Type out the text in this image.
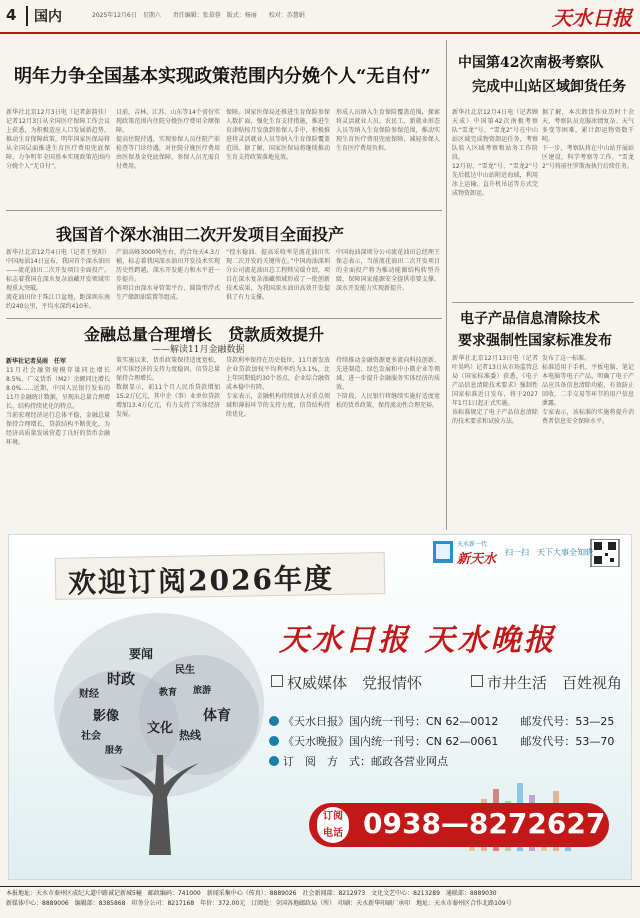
4	国内	2025年12月6日　星期六　　责任编辑：张慕蓉　版式：杨丽　　校对：苏慧娟	天水日报
明年力争全国基本实现政策范围内分娩个人“无自付”
新华社北京12月3日电（记者彭韵佳）记者12月3日从全国医疗保障工作会议上获悉，为积极适应人口发展新趋势，推动生育保障政策，明年国家医保局将从全国层面推进生育医疗费用兜底保障，力争明年全国基本实现政策范围内分娩个人“无自付”。
目前，吉林、江苏、山东等14个省份实现政策范围内住院分娩医疗费用全额保障。
提高住院待遇，实现参保人员住院产前检查等门诊待遇，对住院分娩医疗费用由医保基金兜底保障，参保人员无需自付费用。
保障。国家医保局还推进生育保险参保人数扩面，强化生育支持措施，推进生育津贴按月发放到参保人手中，积极推进将灵活就业人员等纳入生育保险覆盖范围。据了解，国家医保局将继续推动生育支持政策落地见效。
形成人员纳入生育保险覆盖范围，探索将灵活就业人员、农民工、新就业形态人员等纳入生育保险参保范围，推动实现生育医疗费用兜底保障，减轻参保人生育医疗费用负担。
我国首个深水油田二次开发项目全面投产
新华社北京12月4日电（记者王悦阳）中国海油14日宣布，我国首个深水油田——流花油田二次开发项目全面投产。标志着我国在深水复杂油藏开发领域实现重大突破。
流花油田位于珠江口盆地，距深圳东南约240公里，平均水深约410米。
产油高峰3000吨左右，约合每天4.3万桶，标志着我国深水油田开发技术实现历史性跨越，深水开发能力和水平进一步提升。
该项目由深水导管架平台、圆筒型浮式生产储卸油装置等组成。
“控水稳油、提高采收率是流花油田实现二次开发的关键所在。”中国海油深圳分公司流花油田总工程师吴瑞介绍，项目在深水复杂油藏领域形成了一批创新技术成果，为我国深水油田高效开发提供了有力支撑。
中国海油深圳分公司流花油田总经理王保志表示，当前流花油田二次开发项目的全面投产将为推动能源结构转型升级、保障国家能源安全提供重要支撑，深水开发能力实现新提升。
金融总量合理增长　贷款质效提升
——解读11月金融数据
新华社记者吴雨　任军
11月社会融资规模存量同比增长8.5%、广义货币（M2）余额同比增长8.0%……近期，中国人民银行发布的11月金融统计数据，呈现出总量合理增长、结构持续优化的特点。
当前宏观经济运行总体平稳，金融总量保持合理增长，贷款结构不断优化，为经济高质量发展营造了良好的货币金融环境。
策实施以来，货币政策保持适度宽松，对实体经济的支持力度稳固，信贷总量保持合理增长。
数据显示，前11个月人民币贷款增加15.2万亿元，其中企（事）业单位贷款增加13.4万亿元，有力支持了实体经济发展。
贷款利率保持在历史低位，11月新发放企业贷款加权平均利率约为3.1%，比上年同期低约30个基点，企业综合融资成本稳中有降。
专家表示，金融机构持续加大对重点领域和薄弱环节的支持力度，信贷结构持续优化。
持续推动金融资源更多流向科技创新、先进制造、绿色发展和中小微企业等领域，进一步提升金融服务实体经济的质效。
下阶段，人民银行将继续实施好适度宽松的货币政策，保持流动性合理充裕。
中国第42次南极考察队
完成中山站区域卸货任务
新华社北京12月4日电（记者顾天成）中国第42次南极考察队“雪龙”号、“雪龙2”号在中山站区域完成物资卸运任务，考察队转入区域考察和站务工作阶段。
12月初，“雪龙”号、“雪龙2”号先后抵达中山站附近海域，利用冰上运输、直升机吊运等方式完成物资卸运。
据了解，本次卸货作业历时十余天，考察队员克服冰情复杂、天气多变等困难，累计卸运物资数千吨。
下一步，考察队将在中山站开展站区建设、科学考察等工作，“雪龙2”号将前往罗斯海执行后续任务。
电子产品信息清除技术
要求强制性国家标准发布
新华社北京12月13日电（记者叶昊鸣）记者13日从市场监管总局（国家标准委）获悉，《电子产品信息清除技术要求》强制性国家标准近日发布，将于2027年1月1日起正式实施。
该标准规定了电子产品信息清除的技术要求和试验方法。
发布了这一标准。
标准适用于手机、平板电脑、笔记本电脑等电子产品，明确了电子产品应具备信息清除功能，有效防止回收、二手交易等环节的用户信息泄露。
专家表示，该标准的实施将提升消费者信息安全保障水平。
欢迎订阅2026年度
天水新一代
新天水 扫一扫　天下大事全知晓
要闻
时政
民生
财经
影像
文化
体育
社会	热线
服务
教育 旅游
天水日报 天水晚报
权威媒体　党报情怀	市井生活　百姓视角
《天水日报》国内统一刊号：CN 62—0012　　邮发代号：53—25
《天水晚报》国内统一刊号：CN 62—0061　　邮发代号：53—70
订　阅　方　式：邮政各营业网点
订阅
电话 0938—8272627
本报地址：天水市秦州区成纪大道中路诚记新城5幢　邮政编码：741000　新闻采集中心（传真）：8889026　社会新闻部：8212973　文化文艺中心：8213289　通联部：8889030
新媒体中心：8889006　编辑部：8385868　印务分公司：8217168　年价：372.00元　订阅处：全国各地邮政局（所）　印刷：天水新华印刷厂承印　地址：天水市秦州区合作北路109号
